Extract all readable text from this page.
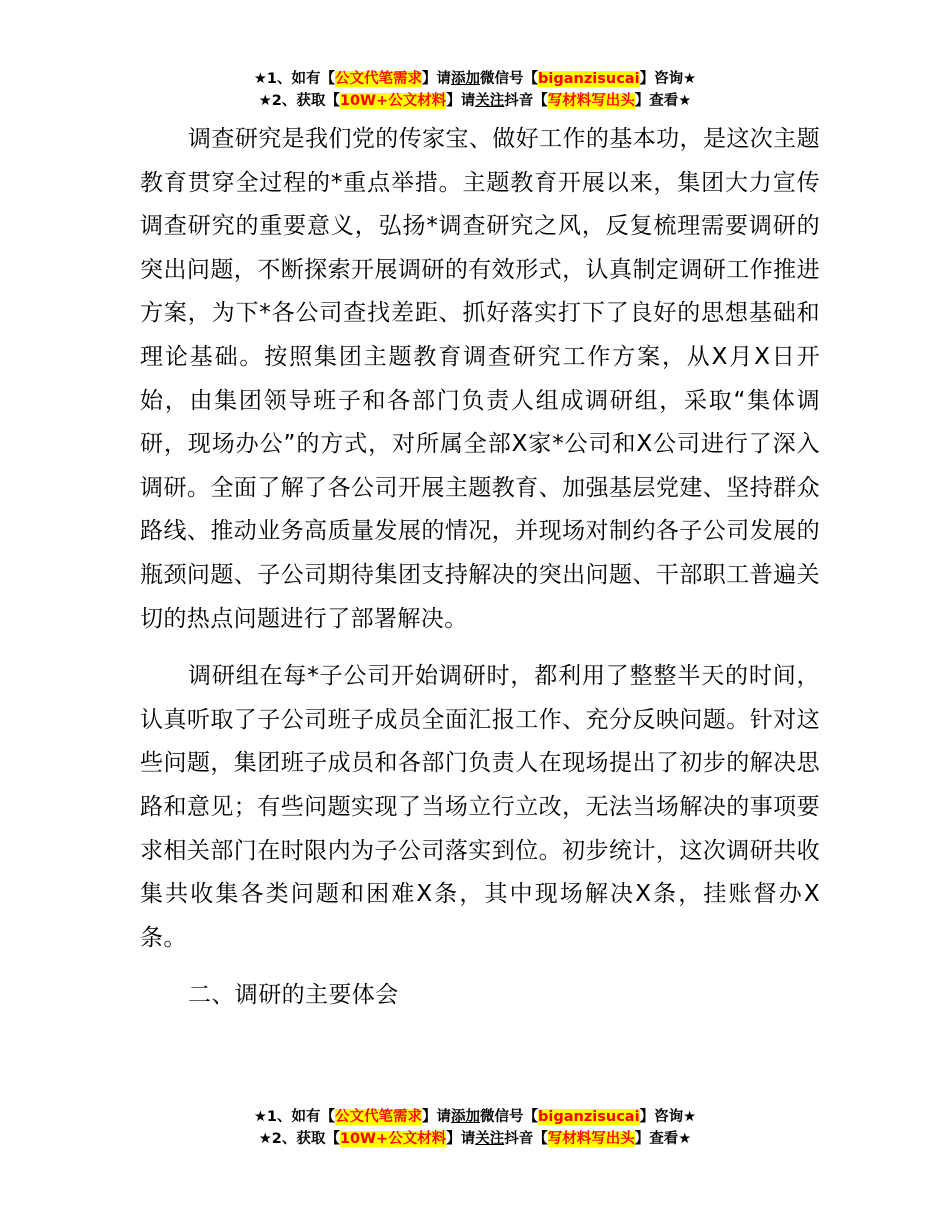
★1、如有【公文代笔需求】请添加微信号【biganzisucai】咨询★
★2、获取【10W+公文材料】请关注抖音【写材料写出头】查看★

调查研究是我们党的传家宝、做好工作的基本功，是这次主题教育贯穿全过程的*重点举措。主题教育开展以来，集团大力宣传调查研究的重要意义，弘扬*调查研究之风，反复梳理需要调研的突出问题，不断探索开展调研的有效形式，认真制定调研工作推进方案，为下*各公司查找差距、抓好落实打下了良好的思想基础和理论基础。按照集团主题教育调查研究工作方案，从X月X日开始，由集团领导班子和各部门负责人组成调研组，采取“集体调研，现场办公”的方式，对所属全部X家*公司和X公司进行了深入调研。全面了解了各公司开展主题教育、加强基层党建、坚持群众路线、推动业务高质量发展的情况，并现场对制约各子公司发展的瓶颈问题、子公司期待集团支持解决的突出问题、干部职工普遍关切的热点问题进行了部署解决。

调研组在每*子公司开始调研时，都利用了整整半天的时间，认真听取了子公司班子成员全面汇报工作、充分反映问题。针对这些问题，集团班子成员和各部门负责人在现场提出了初步的解决思路和意见；有些问题实现了当场立行立改，无法当场解决的事项要求相关部门在时限内为子公司落实到位。初步统计，这次调研共收集共收集各类问题和困难X条，其中现场解决X条，挂账督办X条。

二、调研的主要体会

★1、如有【公文代笔需求】请添加微信号【biganzisucai】咨询★
★2、获取【10W+公文材料】请关注抖音【写材料写出头】查看★
